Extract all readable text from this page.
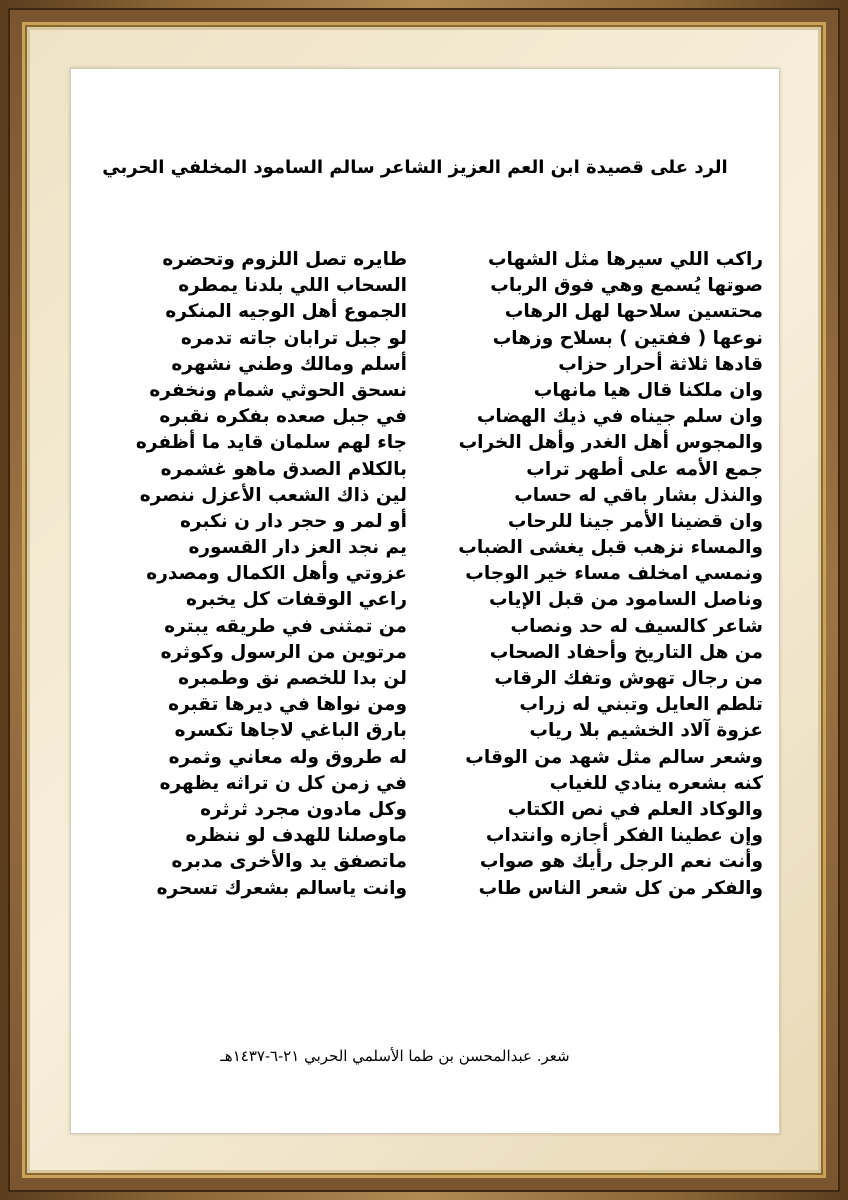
الرد على قصيدة ابن العم العزيز الشاعر سالم السامود المخلفي الحربي
راكب اللي سيرها مثل الشهاب
صوتها يُسمع وهي فوق الرباب
محتسين سلاحها لهل الرهاب
نوعها ( ففتين ) بسلاح وزهاب
قادها ثلاثة أحرار حزاب
وان ملكنا قال هيا مانهاب
وان سلم جيناه في ذيك الهضاب
والمجوس أهل الغدر وأهل الخراب
جمع الأمه على أطهر تراب
والنذل بشار باقي له حساب
وان قضينا الأمر جينا للرحاب
والمساء نزهب قبل يغشى الضباب
ونمسي امخلف مساء خير الوجاب
وناصل السامود من قبل الإياب
شاعر كالسيف له حد ونصاب
من هل التاريخ وأحفاد الصحاب
من رجال تهوش وتفك الرقاب
تلطم العايل وتبني له زراب
عزوة آلاد الخشيم بلا رياب
وشعر سالم مثل شهد من الوقاب
كنه بشعره ينادي للغياب
والوكاد العلم في نص الكتاب
وإن عطينا الفكر أجازه وانتداب
وأنت نعم الرجل رأيك هو صواب
والفكر من كل شعر الناس طاب
طايره تصل اللزوم وتحضره
السحاب اللي بلدنا يمطره
الجموع أهل الوجيه المنكره
لو جبل ترابان جاته تدمره
أسلم ومالك وطني نشهره
نسحق الحوثي شمام ونخفره
في جبل صعده بفكره نقبره
جاء لهم سلمان قايد ما أظفره
بالكلام الصدق ماهو غشمره
لين ذاك الشعب الأعزل ننصره
أو لمر و حجر دار ن نكبره
يم نجد العز دار القسوره
عزوتي وأهل الكمال ومصدره
راعي الوقفات كل يخبره
من تمثنى في طريقه يبتره
مرتوين من الرسول وكوثره
لن بدا للخصم نق وطمبره
ومن نواها في ديرها تقبره
بارق الباغي لاجاها تكسره
له طروق وله معاني وثمره
في زمن كل ن تراثه يظهره
وكل مادون مجرد ثرثره
ماوصلنا للهدف لو ننظره
ماتصفق يد والأخرى مدبره
وانت ياسالم بشعرك تسحره
شعر. عبدالمحسن بن طما الأسلمي الحربي ٢١-٦-١٤٣٧هـ
